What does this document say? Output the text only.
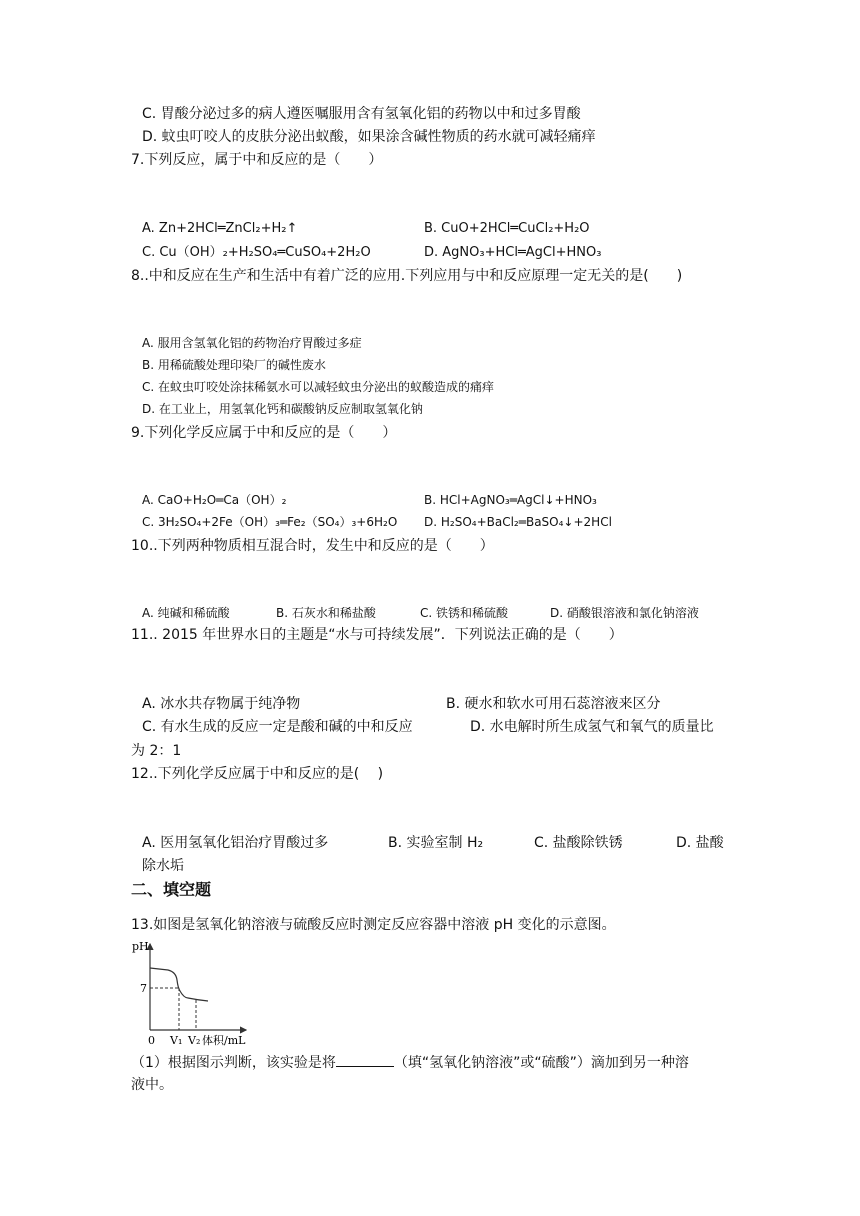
C. 胃酸分泌过多的病人遵医嘱服用含有氢氧化铝的药物以中和过多胃酸
D. 蚊虫叮咬人的皮肤分泌出蚁酸，如果涂含碱性物质的药水就可减轻痛痒
7.下列反应，属于中和反应的是（　　）
A. Zn+2HCl═ZnCl₂+H₂↑	B. CuO+2HCl═CuCl₂+H₂O
C. Cu（OH）₂+H₂SO₄═CuSO₄+2H₂O	D. AgNO₃+HCl═AgCl+HNO₃
8..中和反应在生产和生活中有着广泛的应用.下列应用与中和反应原理一定无关的是(　　)
A. 服用含氢氧化铝的药物治疗胃酸过多症
B. 用稀硫酸处理印染厂的碱性废水
C. 在蚊虫叮咬处涂抹稀氨水可以减轻蚊虫分泌出的蚁酸造成的痛痒
D. 在工业上，用氢氧化钙和碳酸钠反应制取氢氧化钠
9.下列化学反应属于中和反应的是（　　）
A. CaO+H₂O═Ca（OH）₂	B. HCl+AgNO₃═AgCl↓+HNO₃
C. 3H₂SO₄+2Fe（OH）₃═Fe₂（SO₄）₃+6H₂O D. H₂SO₄+BaCl₂═BaSO₄↓+2HCl
10..下列两种物质相互混合时，发生中和反应的是（　　）
A. 纯碱和稀硫酸	B. 石灰水和稀盐酸	C. 铁锈和稀硫酸	D. 硝酸银溶液和氯化钠溶液
11.. 2015 年世界水日的主题是“水与可持续发展”．下列说法正确的是（　　）
A. 冰水共存物属于纯净物	B. 硬水和软水可用石蕊溶液来区分
C. 有水生成的反应一定是酸和碱的中和反应	D. 水电解时所生成氢气和氧气的质量比
为 2：1
12..下列化学反应属于中和反应的是(　 )
A. 医用氢氧化铝治疗胃酸过多	B. 实验室制 H₂	C. 盐酸除铁锈	D. 盐酸
除水垢
二、填空题
13.如图是氢氧化钠溶液与硫酸反应时测定反应容器中溶液 pH 变化的示意图。
pH
7
0 V₁ V₂ 体积/mL
（1）根据图示判断，该实验是将	（填“氢氧化钠溶液”或“硫酸”）滴加到另一种溶
液中。
